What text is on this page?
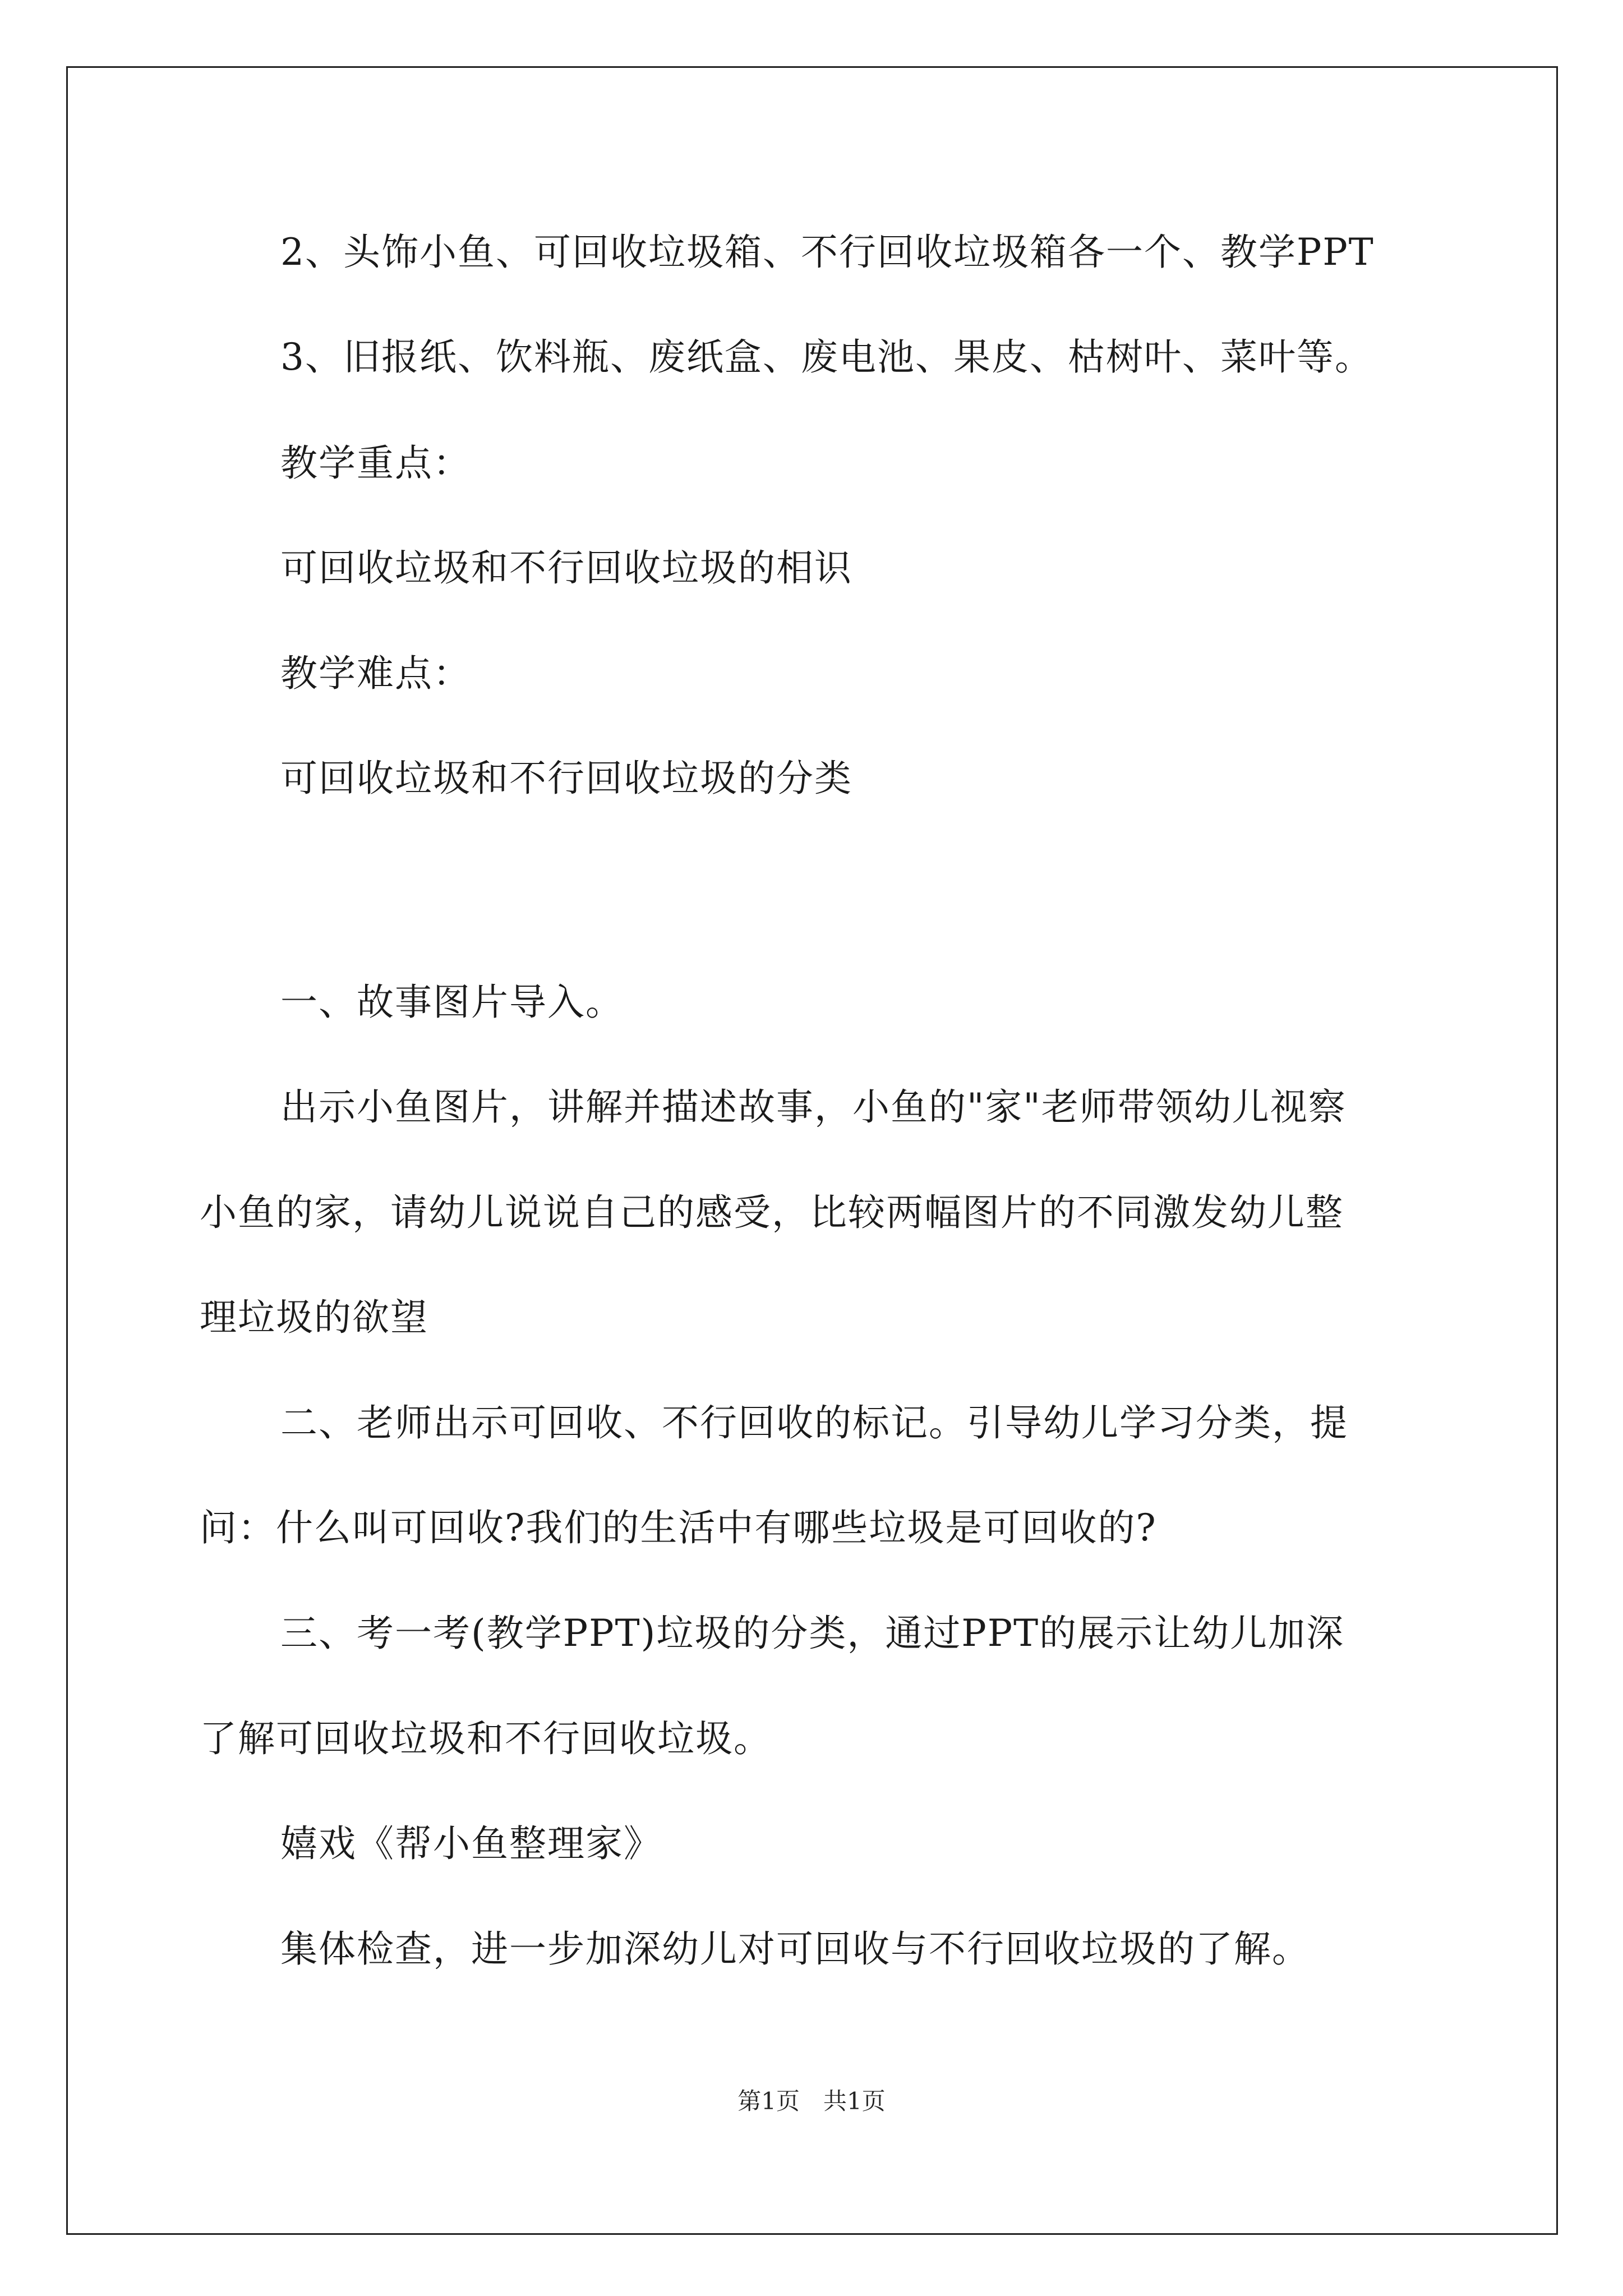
2、头饰小鱼、可回收垃圾箱、不行回收垃圾箱各一个、教学PPT
3、旧报纸、饮料瓶、废纸盒、废电池、果皮、枯树叶、菜叶等。
教学重点：
可回收垃圾和不行回收垃圾的相识
教学难点：
可回收垃圾和不行回收垃圾的分类
一、故事图片导入。
出示小鱼图片，讲解并描述故事，小鱼的"家"老师带领幼儿视察
小鱼的家，请幼儿说说自己的感受，比较两幅图片的不同激发幼儿整
理垃圾的欲望
二、老师出示可回收、不行回收的标记。引导幼儿学习分类，提
问：什么叫可回收?我们的生活中有哪些垃圾是可回收的?
三、考一考(教学PPT)垃圾的分类，通过PPT的展示让幼儿加深
了解可回收垃圾和不行回收垃圾。
嬉戏《帮小鱼整理家》
集体检查，进一步加深幼儿对可回收与不行回收垃圾的了解。
第1页　共1页
